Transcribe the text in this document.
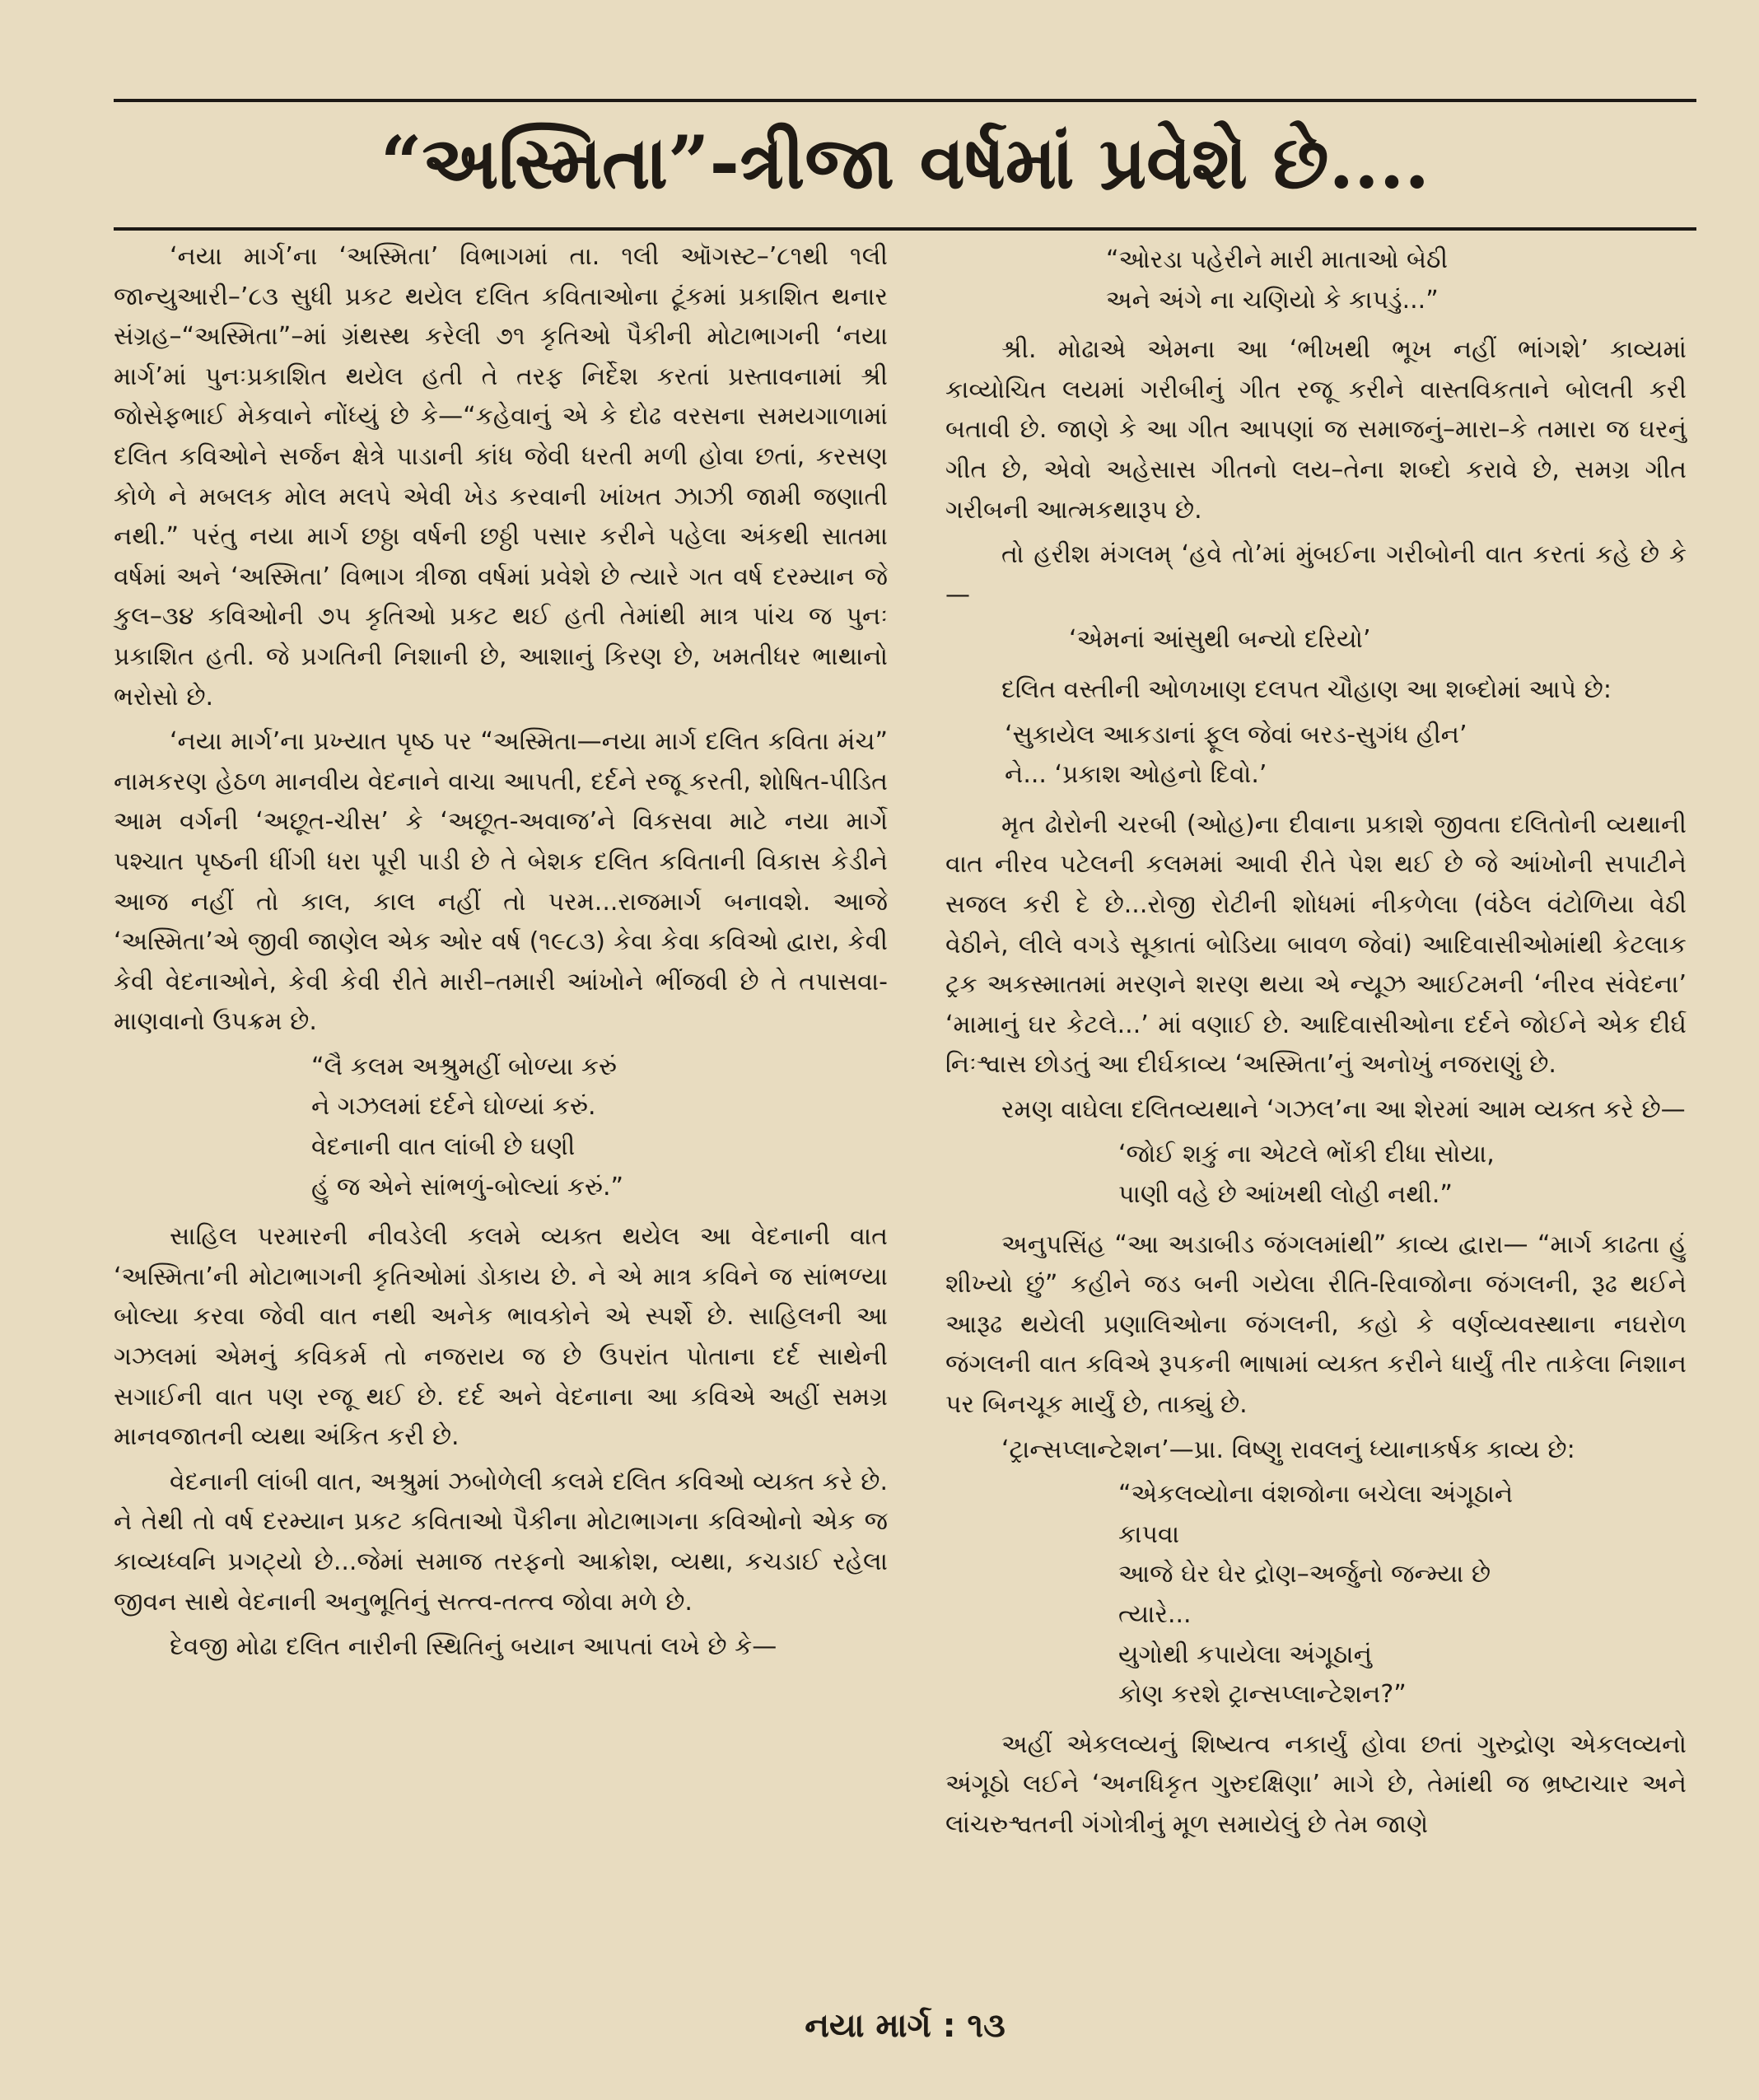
“અસ્મિતા”-ત્રીજા વર્ષમાં પ્રવેશે છે....

‘નયા માર્ગ’ના ‘અસ્મિતા’ વિભાગમાં તા. ૧લી ઑગસ્ટ–’૮૧થી ૧લી જાન્યુઆરી–’૮૩ સુધી પ્રકટ થયેલ દલિત કવિતાઓના ટૂંકમાં પ્રકાશિત થનાર સંગ્રહ–“અસ્મિતા”–માં ગ્રંથસ્થ કરેલી ૭૧ કૃતિઓ પૈકીની મોટાભાગની ‘નયા માર્ગ’માં પુનઃપ્રકાશિત થયેલ હતી તે તરફ નિર્દેશ કરતાં પ્રસ્તાવનામાં શ્રી જોસેફભાઈ મેકવાને નોંધ્યું છે કે—“કહેવાનું એ કે દોઢ વરસના સમયગાળામાં દલિત કવિઓને સર્જન ક્ષેત્રે પાડાની કાંધ જેવી ધરતી મળી હોવા છતાં, કરસણ કોળે ને મબલક મોલ મલપે એવી ખેડ કરવાની ખાંખત ઝાઝી જામી જણાતી નથી.” પરંતુ નયા માર્ગ છઠ્ઠા વર્ષની છઠ્ઠી પસાર કરીને પહેલા અંકથી સાતમા વર્ષમાં અને ‘અસ્મિતા’ વિભાગ ત્રીજા વર્ષમાં પ્રવેશે છે ત્યારે ગત વર્ષ દરમ્યાન જે કુલ–૩૪ કવિઓની ૭૫ કૃતિઓ પ્રકટ થઈ હતી તેમાંથી માત્ર પાંચ જ પુનઃ પ્રકાશિત હતી. જે પ્રગતિની નિશાની છે, આશાનું કિરણ છે, ખમતીધર ભાથાનો ભરોસો છે.

‘નયા માર્ગ’ના પ્રખ્યાત પૃષ્ઠ પર “અસ્મિતા—નયા માર્ગ દલિત કવિતા મંચ” નામકરણ હેઠળ માનવીય વેદનાને વાચા આપતી, દર્દને રજૂ કરતી, શોષિત-પીડિત આમ વર્ગની ‘અછૂત-ચીસ’ કે ‘અછૂત-અવાજ’ને વિકસવા માટે નયા માર્ગે પશ્ચાત પૃષ્ઠની ધીંગી ધરા પૂરી પાડી છે તે બેશક દલિત કવિતાની વિકાસ કેડીને આજ નહીં તો કાલ, કાલ નહીં તો પરમ...રાજમાર્ગ બનાવશે. આજે ‘અસ્મિતા’એ જીવી જાણેલ એક ઓર વર્ષ (૧૯૮૩) કેવા કેવા કવિઓ દ્વારા, કેવી કેવી વેદનાઓને, કેવી કેવી રીતે મારી–તમારી આંખોને ભીંજવી છે તે તપાસવા-માણવાનો ઉપક્રમ છે.

“લૈ કલમ અશ્રુમહીં બોળ્યા કરું
ને ગઝલમાં દર્દને ઘોળ્યાં કરું.
વેદનાની વાત લાંબી છે ઘણી
હું જ એને સાંભળું-બોલ્યાં કરું.”

સાહિલ પરમારની નીવડેલી કલમે વ્યક્ત થયેલ આ વેદનાની વાત ‘અસ્મિતા’ની મોટાભાગની કૃતિઓમાં ડોકાય છે. ને એ માત્ર કવિને જ સાંભળ્યા બોલ્યા કરવા જેવી વાત નથી અનેક ભાવકોને એ સ્પર્શે છે. સાહિલની આ ગઝલમાં એમનું કવિકર્મ તો નજરાય જ છે ઉપરાંત પોતાના દર્દ સાથેની સગાઈની વાત પણ રજૂ થઈ છે. દર્દ અને વેદનાના આ કવિએ અહીં સમગ્ર માનવજાતની વ્યથા અંકિત કરી છે.

વેદનાની લાંબી વાત, અશ્રુમાં ઝબોળેલી કલમે દલિત કવિઓ વ્યક્ત કરે છે. ને તેથી તો વર્ષ દરમ્યાન પ્રકટ કવિતાઓ પૈકીના મોટાભાગના કવિઓનો એક જ કાવ્યધ્વનિ પ્રગટ્યો છે...જેમાં સમાજ તરફનો આક્રોશ, વ્યથા, કચડાઈ રહેલા જીવન સાથે વેદનાની અનુભૂતિનું સત્ત્વ-તત્ત્વ જોવા મળે છે.

દેવજી મોઢા દલિત નારીની સ્થિતિનું બયાન આપતાં લખે છે કે—

“ઓરડા પહેરીને મારી માતાઓ બેઠી
અને અંગે ના ચણિયો કે કાપડું...”

શ્રી. મોઢાએ એમના આ ‘ભીખથી ભૂખ નહીં ભાંગશે’ કાવ્યમાં કાવ્યોચિત લયમાં ગરીબીનું ગીત રજૂ કરીને વાસ્તવિકતાને બોલતી કરી બતાવી છે. જાણે કે આ ગીત આપણાં જ સમાજનું–મારા–કે તમારા જ ઘરનું ગીત છે, એવો અહેસાસ ગીતનો લય–તેના શબ્દો કરાવે છે, સમગ્ર ગીત ગરીબની આત્મકથારૂપ છે.

તો હરીશ મંગલમ્ ‘હવે તો’માં મુંબઈના ગરીબોની વાત કરતાં કહે છે કે—

‘એમનાં આંસુથી બન્યો દરિયો’

દલિત વસ્તીની ઓળખાણ દલપત ચૌહાણ આ શબ્દોમાં આપે છે:

‘સુકાયેલ આકડાનાં ફૂલ જેવાં બરડ-સુગંધ હીન’
ને... ‘પ્રકાશ ઓહનો દિવો.’

મૃત ઢોરોની ચરબી (ઓહ)ના દીવાના પ્રકાશે જીવતા દલિતોની વ્યથાની વાત નીરવ પટેલની કલમમાં આવી રીતે પેશ થઈ છે જે આંખોની સપાટીને સજલ કરી દે છે...રોજી રોટીની શોધમાં નીકળેલા (વંઠેલ વંટોળિયા વેઠી વેઠીને, લીલે વગડે સૂકાતાં બોડિયા બાવળ જેવાં) આદિવાસીઓમાંથી કેટલાક ટ્રક અકસ્માતમાં મરણને શરણ થયા એ ન્યૂઝ આઈટમની ‘નીરવ સંવેદના’ ‘મામાનું ઘર કેટલે...’ માં વણાઈ છે. આદિવાસીઓના દર્દને જોઈને એક દીર્ઘ નિઃશ્વાસ છોડતું આ દીર્ઘકાવ્ય ‘અસ્મિતા’નું અનોખું નજરાણું છે.

રમણ વાઘેલા દલિતવ્યથાને ‘ગઝલ’ના આ શેરમાં આમ વ્યક્ત કરે છે—

‘જોઈ શકું ના એટલે ભોંકી દીધા સોયા,
પાણી વહે છે આંખથી લોહી નથી.”

અનુપસિંહ “આ અડાબીડ જંગલમાંથી” કાવ્ય દ્વારા— “માર્ગ કાઢતા હું શીખ્યો છું” કહીને જડ બની ગયેલા રીતિ-રિવાજોના જંગલની, રૂઢ થઈને આરૂઢ થયેલી પ્રણાલિઓના જંગલની, કહો કે વર્ણવ્યવસ્થાના નઘરોળ જંગલની વાત કવિએ રૂપકની ભાષામાં વ્યક્ત કરીને ધાર્યું તીર તાકેલા નિશાન પર બિનચૂક માર્યું છે, તાક્યું છે.

‘ટ્રાન્સપ્લાન્ટેશન’—પ્રા. વિષ્ણુ રાવલનું ધ્યાનાકર્ષક કાવ્ય છે:

“એકલવ્યોના વંશજોના બચેલા અંગૂઠાને
કાપવા
આજે ઘેર ઘેર દ્રોણ–અર્જુનો જન્મ્યા છે
ત્યારે...
યુગોથી કપાયેલા અંગૂઠાનું
કોણ કરશે ટ્રાન્સપ્લાન્ટેશન?”

અહીં એકલવ્યનું શિષ્યત્વ નકાર્યું હોવા છતાં ગુરુદ્રોણ એકલવ્યનો અંગૂઠો લઈને ‘અનધિકૃત ગુરુદક્ષિણા’ માગે છે, તેમાંથી જ ભ્રષ્ટાચાર અને લાંચરુશ્વતની ગંગોત્રીનું મૂળ સમાયેલું છે તેમ જાણે

નયા માર્ગ : ૧૩
